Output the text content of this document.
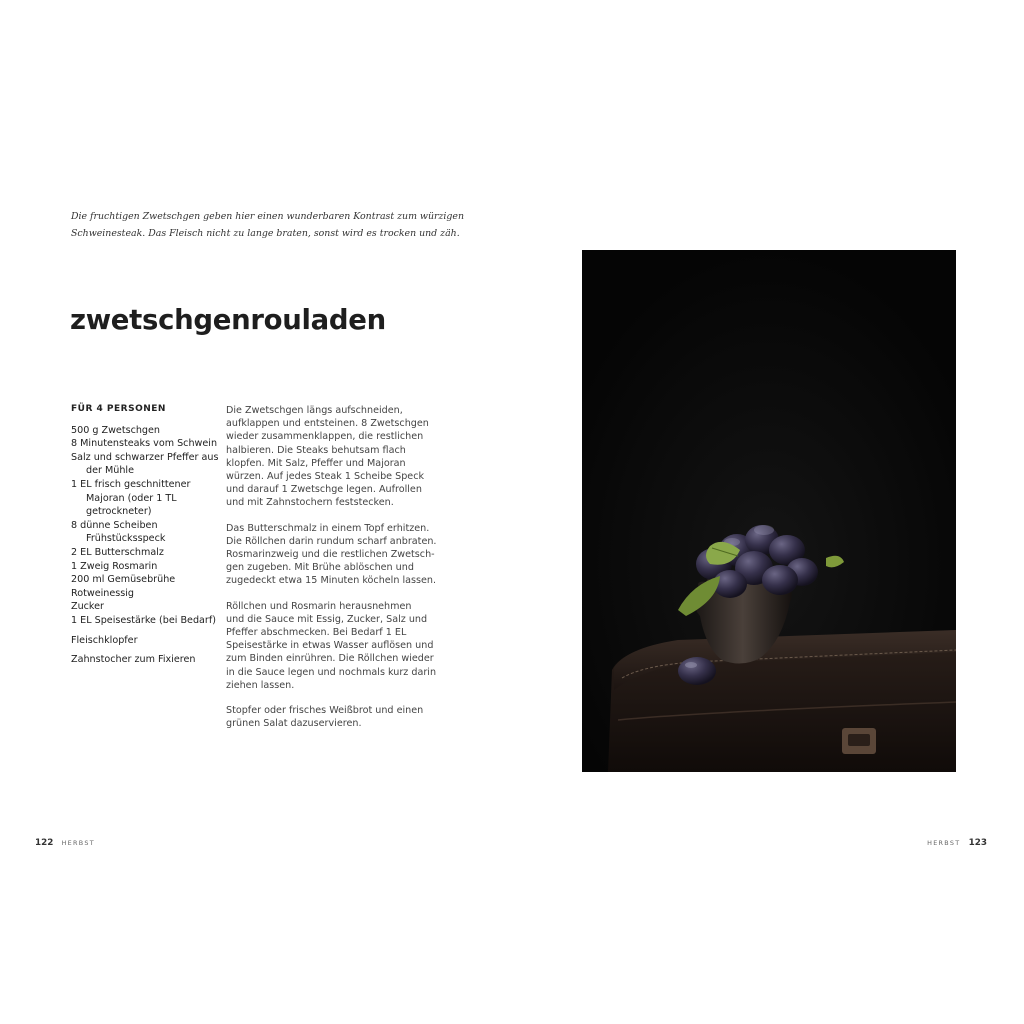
Die fruchtigen Zwetschgen geben hier einen wunderbaren Kontrast zum würzigen
Schweinesteak. Das Fleisch nicht zu lange braten, sonst wird es trocken und zäh.

zwetschgenrouladen
FÜR 4 PERSONEN
500 g Zwetschgen
8 Minutensteaks vom Schwein
Salz und schwarzer Pfeffer aus der Mühle
1 EL frisch geschnittener Majoran (oder 1 TL getrockneter)
8 dünne Scheiben Frühstücksspeck
2 EL Butterschmalz
1 Zweig Rosmarin
200 ml Gemüsebrühe
Rotweinessig
Zucker
1 EL Speisestärke (bei Bedarf)
Fleischklopfer
Zahnstocher zum Fixieren

Die Zwetschgen längs aufschneiden,
aufklappen und entsteinen. 8 Zwetschgen
wieder zusammenklappen, die restlichen
halbieren. Die Steaks behutsam flach
klopfen. Mit Salz, Pfeffer und Majoran
würzen. Auf jedes Steak 1 Scheibe Speck
und darauf 1 Zwetschge legen. Aufrollen
und mit Zahnstochern feststecken.

Das Butterschmalz in einem Topf erhitzen.
Die Röllchen darin rundum scharf anbraten.
Rosmarinzweig und die restlichen Zwetsch-
gen zugeben. Mit Brühe ablöschen und
zugedeckt etwa 15 Minuten köcheln lassen.

Röllchen und Rosmarin herausnehmen
und die Sauce mit Essig, Zucker, Salz und
Pfeffer abschmecken. Bei Bedarf 1 EL
Speisestärke in etwas Wasser auflösen und
zum Binden einrühren. Die Röllchen wieder
in die Sauce legen und nochmals kurz darin
ziehen lassen.

Stopfer oder frisches Weißbrot und einen
grünen Salat dazuservieren.

122 HERBST	HERBST 123
